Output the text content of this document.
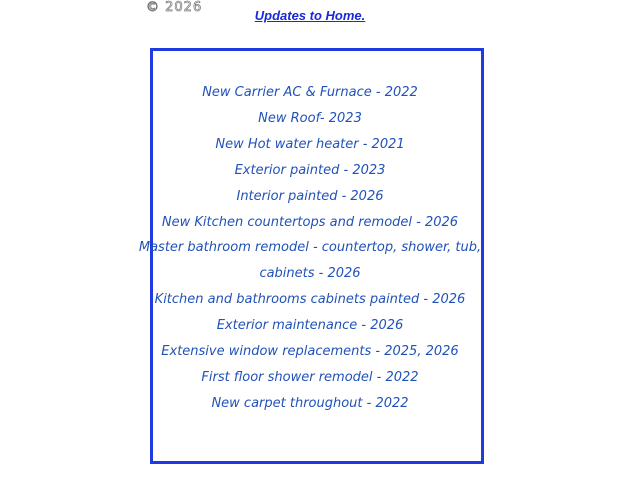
© 2026
Updates to Home.
New Carrier AC & Furnace - 2022
New Roof- 2023
New Hot water heater - 2021
Exterior painted - 2023
Interior painted - 2026
New Kitchen countertops and remodel - 2026
Master bathroom remodel - countertop, shower, tub,
cabinets - 2026
Kitchen and bathrooms cabinets painted - 2026
Exterior maintenance - 2026
Extensive window replacements - 2025, 2026
First floor shower remodel - 2022
New carpet throughout - 2022
